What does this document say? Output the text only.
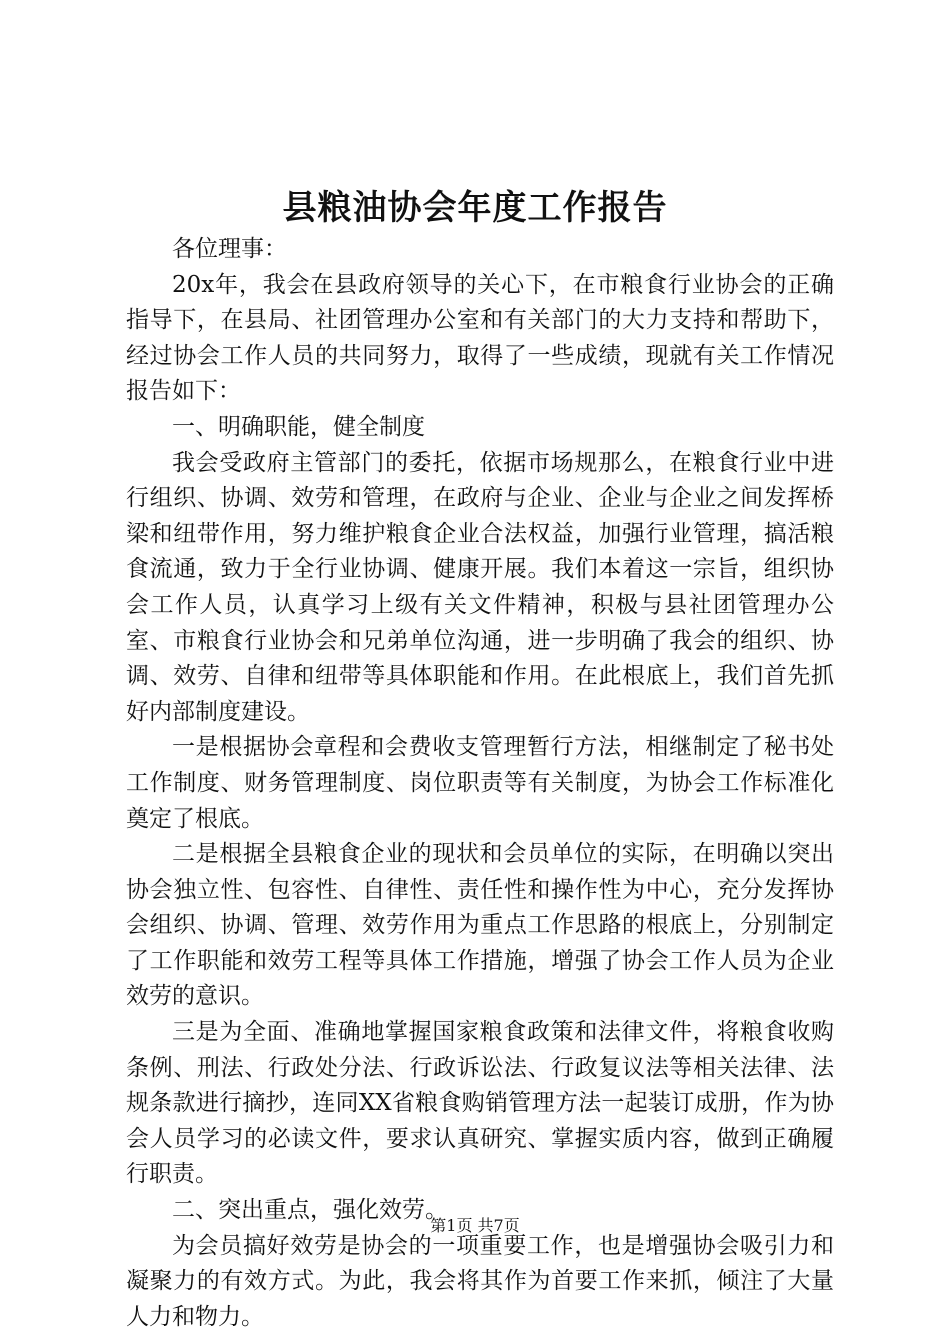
县粮油协会年度工作报告

各位理事：

20x年，我会在县政府领导的关心下，在市粮食行业协会的正确指导下，在县局、社团管理办公室和有关部门的大力支持和帮助下，经过协会工作人员的共同努力，取得了一些成绩，现就有关工作情况报告如下：

一、明确职能，健全制度

我会受政府主管部门的委托，依据市场规那么，在粮食行业中进行组织、协调、效劳和管理，在政府与企业、企业与企业之间发挥桥梁和纽带作用，努力维护粮食企业合法权益，加强行业管理，搞活粮食流通，致力于全行业协调、健康开展。我们本着这一宗旨，组织协会工作人员，认真学习上级有关文件精神，积极与县社团管理办公室、市粮食行业协会和兄弟单位沟通，进一步明确了我会的组织、协调、效劳、自律和纽带等具体职能和作用。在此根底上，我们首先抓好内部制度建设。

一是根据协会章程和会费收支管理暂行方法，相继制定了秘书处工作制度、财务管理制度、岗位职责等有关制度，为协会工作标准化奠定了根底。

二是根据全县粮食企业的现状和会员单位的实际，在明确以突出协会独立性、包容性、自律性、责任性和操作性为中心，充分发挥协会组织、协调、管理、效劳作用为重点工作思路的根底上，分别制定了工作职能和效劳工程等具体工作措施，增强了协会工作人员为企业效劳的意识。

三是为全面、准确地掌握国家粮食政策和法律文件，将粮食收购条例、刑法、行政处分法、行政诉讼法、行政复议法等相关法律、法规条款进行摘抄，连同XX省粮食购销管理方法一起装订成册，作为协会人员学习的必读文件，要求认真研究、掌握实质内容，做到正确履行职责。

二、突出重点，强化效劳。

为会员搞好效劳是协会的一项重要工作，也是增强协会吸引力和凝聚力的有效方式。为此，我会将其作为首要工作来抓，倾注了大量人力和物力。

第1页 共7页
